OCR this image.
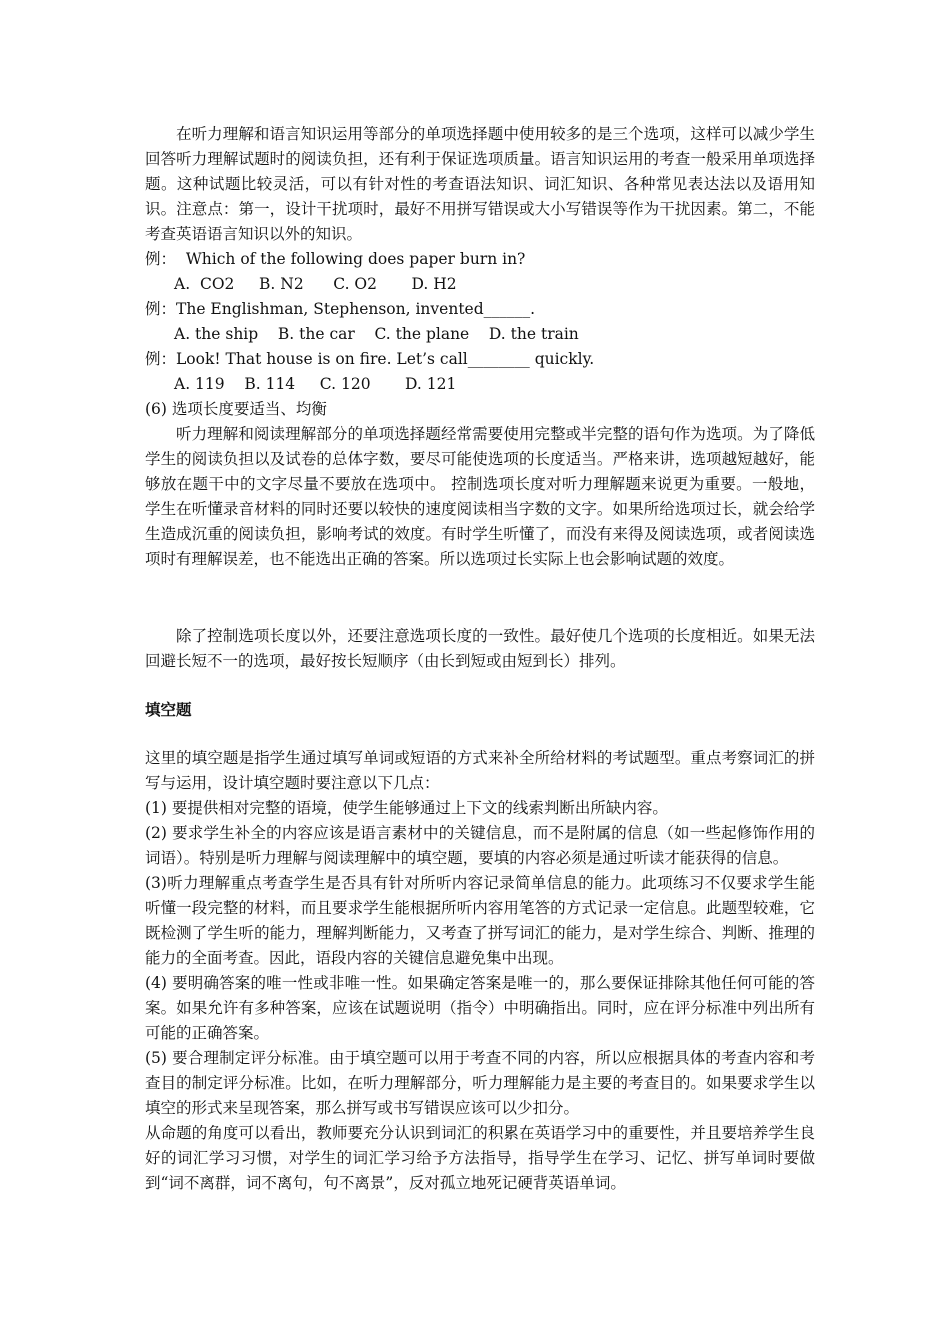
在听力理解和语言知识运用等部分的单项选择题中使用较多的是三个选项，这样可以减少学生回答听力理解试题时的阅读负担，还有利于保证选项质量。语言知识运用的考查一般采用单项选择题。这种试题比较灵活，可以有针对性的考查语法知识、词汇知识、各种常见表达法以及语用知识。注意点：第一，设计干扰项时，最好不用拼写错误或大小写错误等作为干扰因素。第二，不能考查英语语言知识以外的知识。

例：  Which of the following does paper burn in?

A.  CO2     B. N2      C. O2       D. H2

例：The Englishman, Stephenson, invented______.

A. the ship    B. the car    C. the plane    D. the train

例：Look! That house is on fire. Let’s call________ quickly.

A. 119    B. 114     C. 120       D. 121

(6) 选项长度要适当、均衡

听力理解和阅读理解部分的单项选择题经常需要使用完整或半完整的语句作为选项。为了降低学生的阅读负担以及试卷的总体字数，要尽可能使选项的长度适当。严格来讲，选项越短越好，能够放在题干中的文字尽量不要放在选项中。 控制选项长度对听力理解题来说更为重要。一般地，学生在听懂录音材料的同时还要以较快的速度阅读相当字数的文字。如果所给选项过长，就会给学生造成沉重的阅读负担，影响考试的效度。有时学生听懂了，而没有来得及阅读选项，或者阅读选项时有理解误差，也不能选出正确的答案。所以选项过长实际上也会影响试题的效度。

除了控制选项长度以外，还要注意选项长度的一致性。最好使几个选项的长度相近。如果无法回避长短不一的选项，最好按长短顺序（由长到短或由短到长）排列。

填空题

这里的填空题是指学生通过填写单词或短语的方式来补全所给材料的考试题型。重点考察词汇的拼写与运用，设计填空题时要注意以下几点：

(1) 要提供相对完整的语境，使学生能够通过上下文的线索判断出所缺内容。

(2) 要求学生补全的内容应该是语言素材中的关键信息，而不是附属的信息（如一些起修饰作用的词语）。特别是听力理解与阅读理解中的填空题，要填的内容必须是通过听读才能获得的信息。

(3)听力理解重点考查学生是否具有针对所听内容记录简单信息的能力。此项练习不仅要求学生能听懂一段完整的材料，而且要求学生能根据所听内容用笔答的方式记录一定信息。此题型较难，它既检测了学生听的能力，理解判断能力，又考查了拼写词汇的能力，是对学生综合、判断、推理的能力的全面考查。因此，语段内容的关键信息避免集中出现。

(4) 要明确答案的唯一性或非唯一性。如果确定答案是唯一的，那么要保证排除其他任何可能的答案。如果允许有多种答案，应该在试题说明（指令）中明确指出。同时，应在评分标准中列出所有可能的正确答案。

(5) 要合理制定评分标准。由于填空题可以用于考查不同的内容，所以应根据具体的考查内容和考查目的制定评分标准。比如，在听力理解部分，听力理解能力是主要的考查目的。如果要求学生以填空的形式来呈现答案，那么拼写或书写错误应该可以少扣分。

从命题的角度可以看出，教师要充分认识到词汇的积累在英语学习中的重要性，并且要培养学生良好的词汇学习习惯，对学生的词汇学习给予方法指导，指导学生在学习、记忆、拼写单词时要做到“词不离群，词不离句，句不离景”，反对孤立地死记硬背英语单词。
